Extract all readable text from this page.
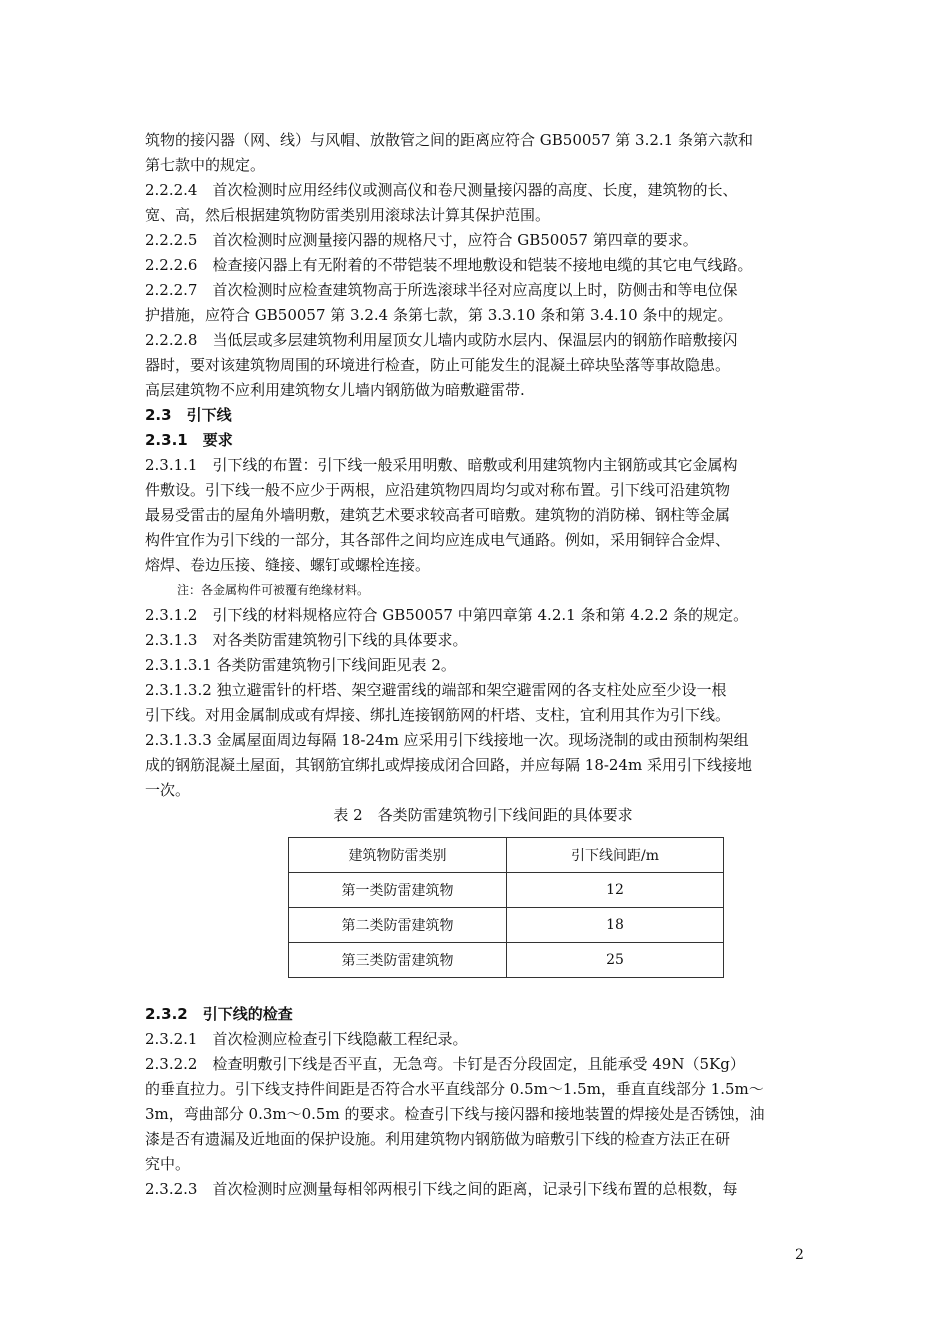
筑物的接闪器（网、线）与风帽、放散管之间的距离应符合 GB50057 第 3.2.1 条第六款和
第七款中的规定。
2.2.2.4　首次检测时应用经纬仪或测高仪和卷尺测量接闪器的高度、长度，建筑物的长、
宽、高，然后根据建筑物防雷类别用滚球法计算其保护范围。
2.2.2.5　首次检测时应测量接闪器的规格尺寸，应符合 GB50057 第四章的要求。
2.2.2.6　检查接闪器上有无附着的不带铠装不埋地敷设和铠装不接地电缆的其它电气线路。
2.2.2.7　首次检测时应检查建筑物高于所选滚球半径对应高度以上时，防侧击和等电位保
护措施，应符合 GB50057 第 3.2.4 条第七款，第 3.3.10 条和第 3.4.10 条中的规定。
2.2.2.8　当低层或多层建筑物利用屋顶女儿墙内或防水层内、保温层内的钢筋作暗敷接闪
器时，要对该建筑物周围的环境进行检查，防止可能发生的混凝土碎块坠落等事故隐患。
高层建筑物不应利用建筑物女儿墙内钢筋做为暗敷避雷带.
2.3　引下线
2.3.1　要求
2.3.1.1　引下线的布置：引下线一般采用明敷、暗敷或利用建筑物内主钢筋或其它金属构
件敷设。引下线一般不应少于两根，应沿建筑物四周均匀或对称布置。引下线可沿建筑物
最易受雷击的屋角外墙明敷，建筑艺术要求较高者可暗敷。建筑物的消防梯、钢柱等金属
构件宜作为引下线的一部分，其各部件之间均应连成电气通路。例如，采用铜锌合金焊、
熔焊、卷边压接、缝接、螺钉或螺栓连接。
注：各金属构件可被覆有绝缘材料。
2.3.1.2　引下线的材料规格应符合 GB50057 中第四章第 4.2.1 条和第 4.2.2 条的规定。
2.3.1.3　对各类防雷建筑物引下线的具体要求。
2.3.1.3.1 各类防雷建筑物引下线间距见表 2。
2.3.1.3.2 独立避雷针的杆塔、架空避雷线的端部和架空避雷网的各支柱处应至少设一根
引下线。对用金属制成或有焊接、绑扎连接钢筋网的杆塔、支柱，宜利用其作为引下线。
2.3.1.3.3 金属屋面周边每隔 18-24m 应采用引下线接地一次。现场浇制的或由预制构架组
成的钢筋混凝土屋面，其钢筋宜绑扎或焊接成闭合回路，并应每隔 18-24m 采用引下线接地
一次。
表 2　各类防雷建筑物引下线间距的具体要求
建筑物防雷类别	引下线间距/m
第一类防雷建筑物	12
第二类防雷建筑物	18
第三类防雷建筑物	25
2.3.2　引下线的检查
2.3.2.1　首次检测应检查引下线隐蔽工程纪录。
2.3.2.2　检查明敷引下线是否平直，无急弯。卡钉是否分段固定，且能承受 49N（5Kg）
的垂直拉力。引下线支持件间距是否符合水平直线部分 0.5m～1.5m，垂直直线部分 1.5m～
3m，弯曲部分 0.3m～0.5m 的要求。检查引下线与接闪器和接地装置的焊接处是否锈蚀，油
漆是否有遗漏及近地面的保护设施。利用建筑物内钢筋做为暗敷引下线的检查方法正在研
究中。
2.3.2.3　首次检测时应测量每相邻两根引下线之间的距离，记录引下线布置的总根数，每
2
